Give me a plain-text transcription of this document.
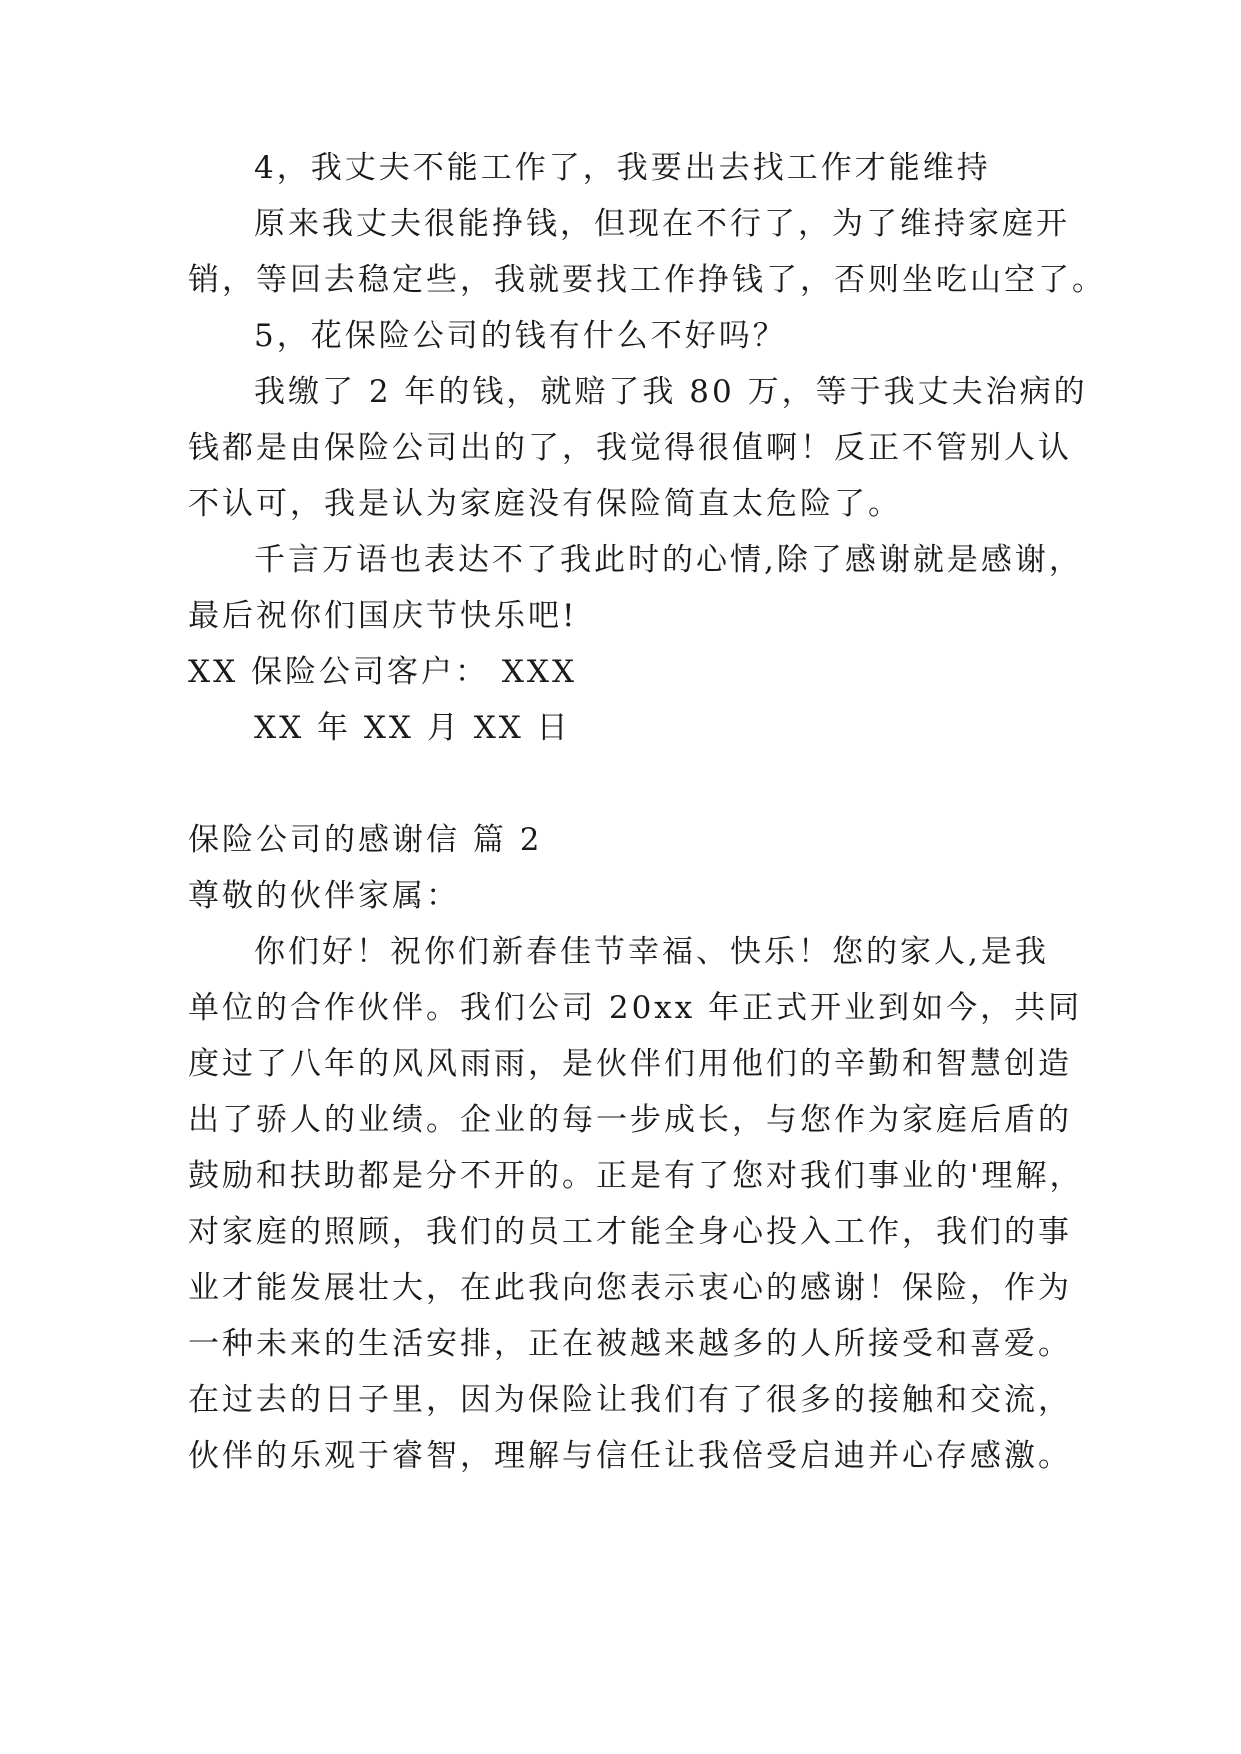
4，我丈夫不能工作了，我要出去找工作才能维持
原来我丈夫很能挣钱，但现在不行了，为了维持家庭开
销，等回去稳定些，我就要找工作挣钱了，否则坐吃山空了。
5，花保险公司的钱有什么不好吗？
我缴了 2 年的钱，就赔了我 80 万，等于我丈夫治病的
钱都是由保险公司出的了，我觉得很值啊！反正不管别人认
不认可，我是认为家庭没有保险简直太危险了。
千言万语也表达不了我此时的心情,除了感谢就是感谢，
最后祝你们国庆节快乐吧!
XX 保险公司客户： XXX
XX 年 XX 月 XX 日
保险公司的感谢信 篇 2
尊敬的伙伴家属：
你们好！祝你们新春佳节幸福、快乐！您的家人,是我
单位的合作伙伴。我们公司 20xx 年正式开业到如今，共同
度过了八年的风风雨雨，是伙伴们用他们的辛勤和智慧创造
出了骄人的业绩。企业的每一步成长，与您作为家庭后盾的
鼓励和扶助都是分不开的。正是有了您对我们事业的'理解，
对家庭的照顾，我们的员工才能全身心投入工作，我们的事
业才能发展壮大，在此我向您表示衷心的感谢！保险，作为
一种未来的生活安排，正在被越来越多的人所接受和喜爱。
在过去的日子里，因为保险让我们有了很多的接触和交流，
伙伴的乐观于睿智，理解与信任让我倍受启迪并心存感激。
